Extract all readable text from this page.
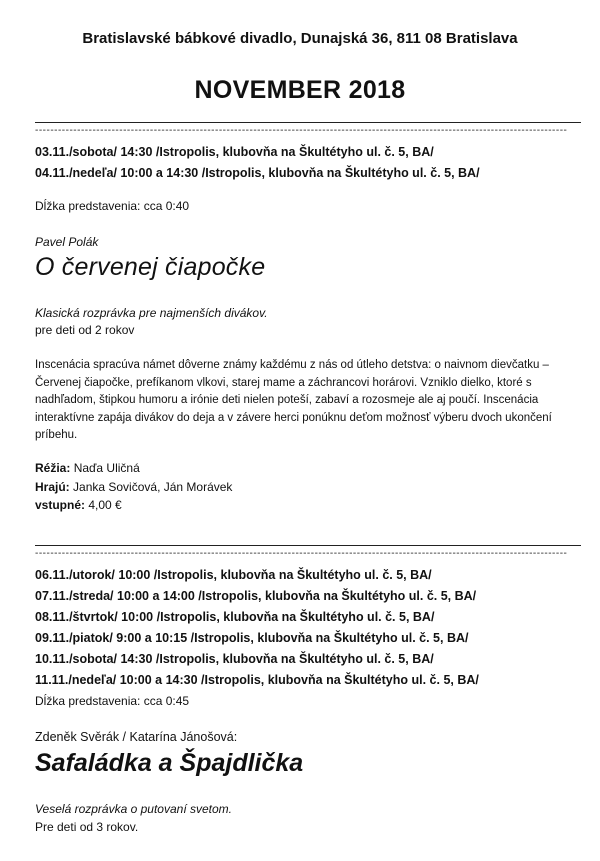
Bratislavské bábkové divadlo, Dunajská 36, 811 08 Bratislava
NOVEMBER 2018
-------------------------------------------------------------------------------------------------------------------------------------------
03.11./sobota/ 14:30 /Istropolis, klubovňa na Škultétyho ul. č. 5, BA/
04.11./nedeľa/ 10:00 a 14:30 /Istropolis, klubovňa na Škultétyho ul. č. 5, BA/
Dĺžka predstavenia: cca 0:40
Pavel Polák
O červenej čiapočke
Klasická rozprávka pre najmenších divákov.
pre deti od 2 rokov
Inscenácia spracúva námet dôverne známy každému z nás od útleho detstva: o naivnom dievčatku – Červenej čiapočke, prefíkanom vlkovi, starej mame a záchrancovi horárovi. Vzniklo dielko, ktoré s nadhľadom, štipkou humoru a iróniе deti nielen poteší, zabaví a rozosmeje ale aj poučí. Inscenácia interaktívne zapája divákov do deja a v závere herci ponúknu deťom možnosť výberu dvoch ukončení príbehu.
Réžia: Naďa Uličná
Hrajú: Janka Sovičová, Ján Morávek
vstupné: 4,00 €
-------------------------------------------------------------------------------------------------------------------------------------------
06.11./utorok/ 10:00 /Istropolis, klubovňa na Škultétyho ul. č. 5, BA/
07.11./streda/ 10:00 a 14:00 /Istropolis, klubovňa na Škultétyho ul. č. 5, BA/
08.11./štvrtok/ 10:00 /Istropolis, klubovňa na Škultétyho ul. č. 5, BA/
09.11./piatok/ 9:00 a 10:15 /Istropolis, klubovňa na Škultétyho ul. č. 5, BA/
10.11./sobota/ 14:30 /Istropolis, klubovňa na Škultétyho ul. č. 5, BA/
11.11./nedeľa/ 10:00 a 14:30 /Istropolis, klubovňa na Škultétyho ul. č. 5, BA/
Dĺžka predstavenia: cca 0:45
Zdeněk Svěrák / Katarína Jánošová:
Safaládka a Špajdlička
Veselá rozprávka o putovaní svetom.
Pre deti od 3 rokov.
